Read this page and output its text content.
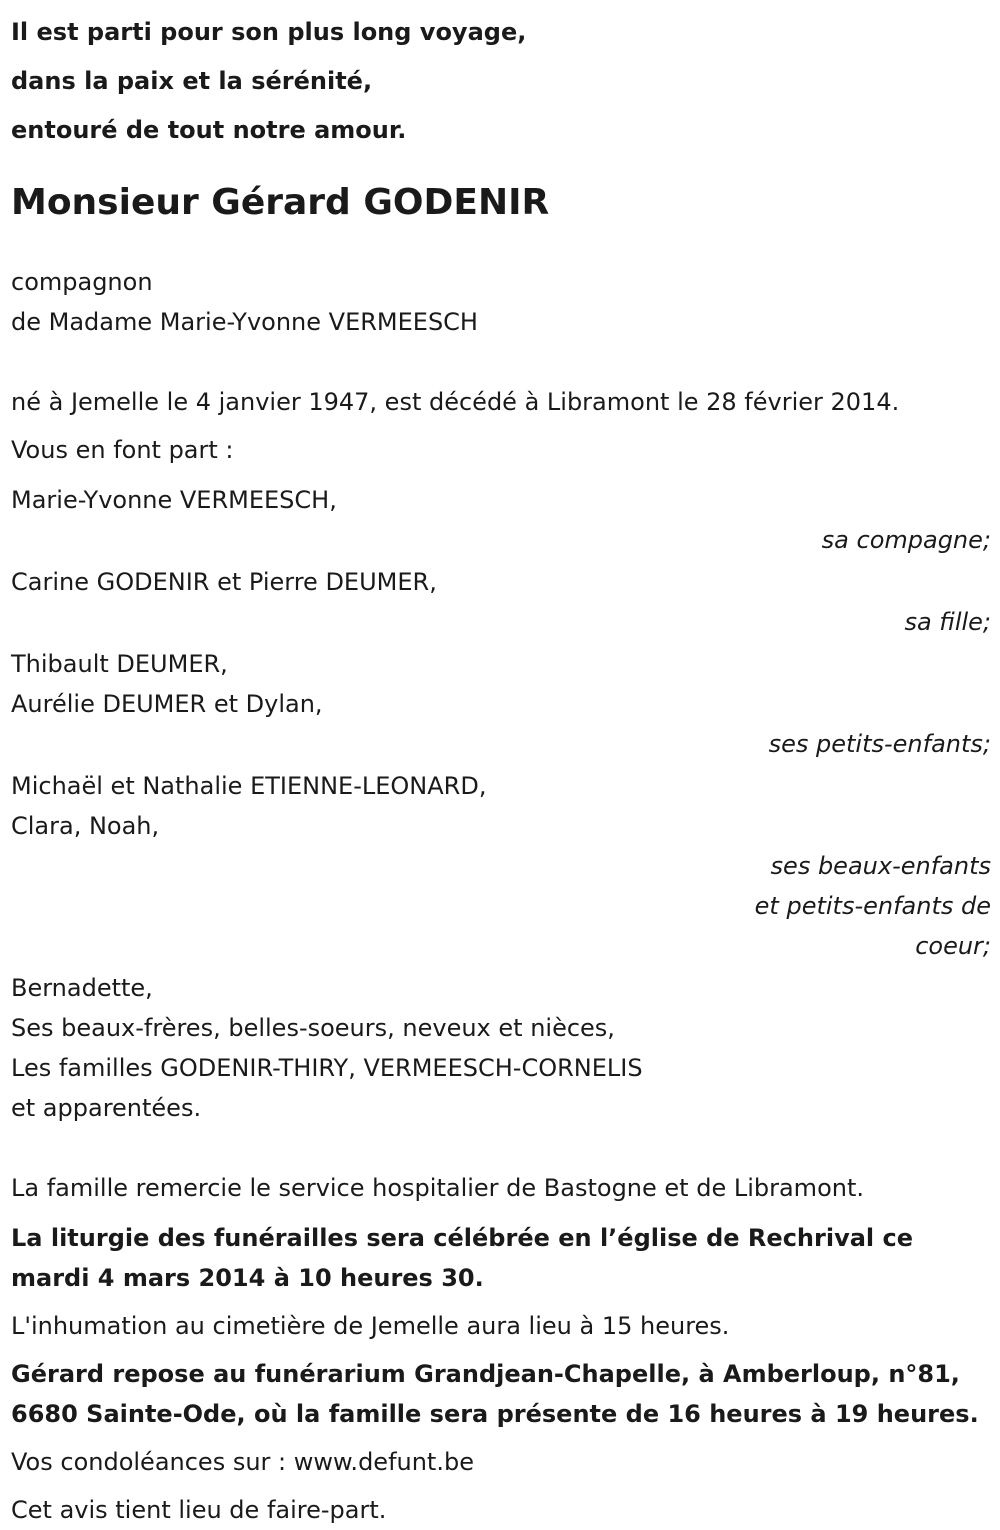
Il est parti pour son plus long voyage,
dans la paix et la sérénité,
entouré de tout notre amour.
Monsieur Gérard GODENIR
compagnon
de Madame Marie-Yvonne VERMEESCH
né à Jemelle le 4 janvier 1947, est décédé à Libramont le 28 février 2014.
Vous en font part :
Marie-Yvonne VERMEESCH,
sa compagne;
Carine GODENIR et Pierre DEUMER,
sa fille;
Thibault DEUMER,
Aurélie DEUMER et Dylan,
ses petits-enfants;
Michaël et Nathalie ETIENNE-LEONARD,
Clara, Noah,
ses beaux-enfants
et petits-enfants de
coeur;
Bernadette,
Ses beaux-frères, belles-soeurs, neveux et nièces,
Les familles GODENIR-THIRY, VERMEESCH-CORNELIS
et apparentées.
La famille remercie le service hospitalier de Bastogne et de Libramont.
La liturgie des funérailles sera célébrée en l’église de Rechrival ce
mardi 4 mars 2014 à 10 heures 30.
L'inhumation au cimetière de Jemelle aura lieu à 15 heures.
Gérard repose au funérarium Grandjean-Chapelle, à Amberloup, n°81,
6680 Sainte-Ode, où la famille sera présente de 16 heures à 19 heures.
Vos condoléances sur : www.defunt.be
Cet avis tient lieu de faire-part.
